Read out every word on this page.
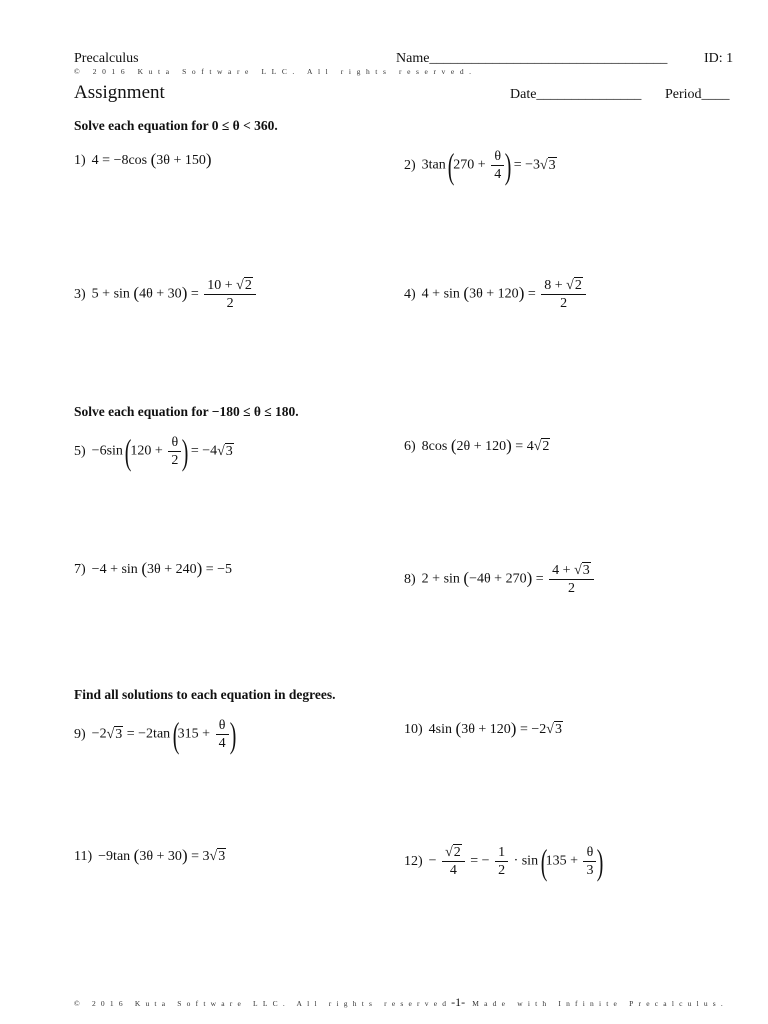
Precalculus	Name__________________________________	ID: 1
© 2016 Kuta Software LLC. All rights reserved.
Assignment	Date_______________ Period____
Solve each equation for 0 ≤ θ < 360.
1) 4 = −8cos (3θ + 150)	2) 3tan ($270 + \frac{\theta}{4}$ ) = −3√3
3) $5 + \sin (4\theta + 30) = \frac{10 + √2}{2}$	4) $4 + \sin (3\theta + 120) = \frac{8 + √2}{2}$
Solve each equation for −180 ≤ θ ≤ 180.
5) −6sin ($120 + \frac{\theta}{2}$ ) = −4√3	6) 8cos (2θ + 120) = 4√2
7) −4 + sin (3θ + 240) = −5
8) $2 + \sin (-4\theta + 270) = \frac{4 + √3}{2}$
Find all solutions to each equation in degrees.
9) −2√3 = −2tan ($315 + \frac{\theta}{4}$ )	10) 4sin (3θ + 120) = −2√3
11) −9tan (3θ + 30) = 3√3	$12) - \frac{√2}{4}$ = − $\frac{1}{2} \cdot \sin (135 + \frac{\theta}{3}$ )
© 2016 Kuta Software LLC. All rights reserved-1- Made with Infinite Precalculus.
